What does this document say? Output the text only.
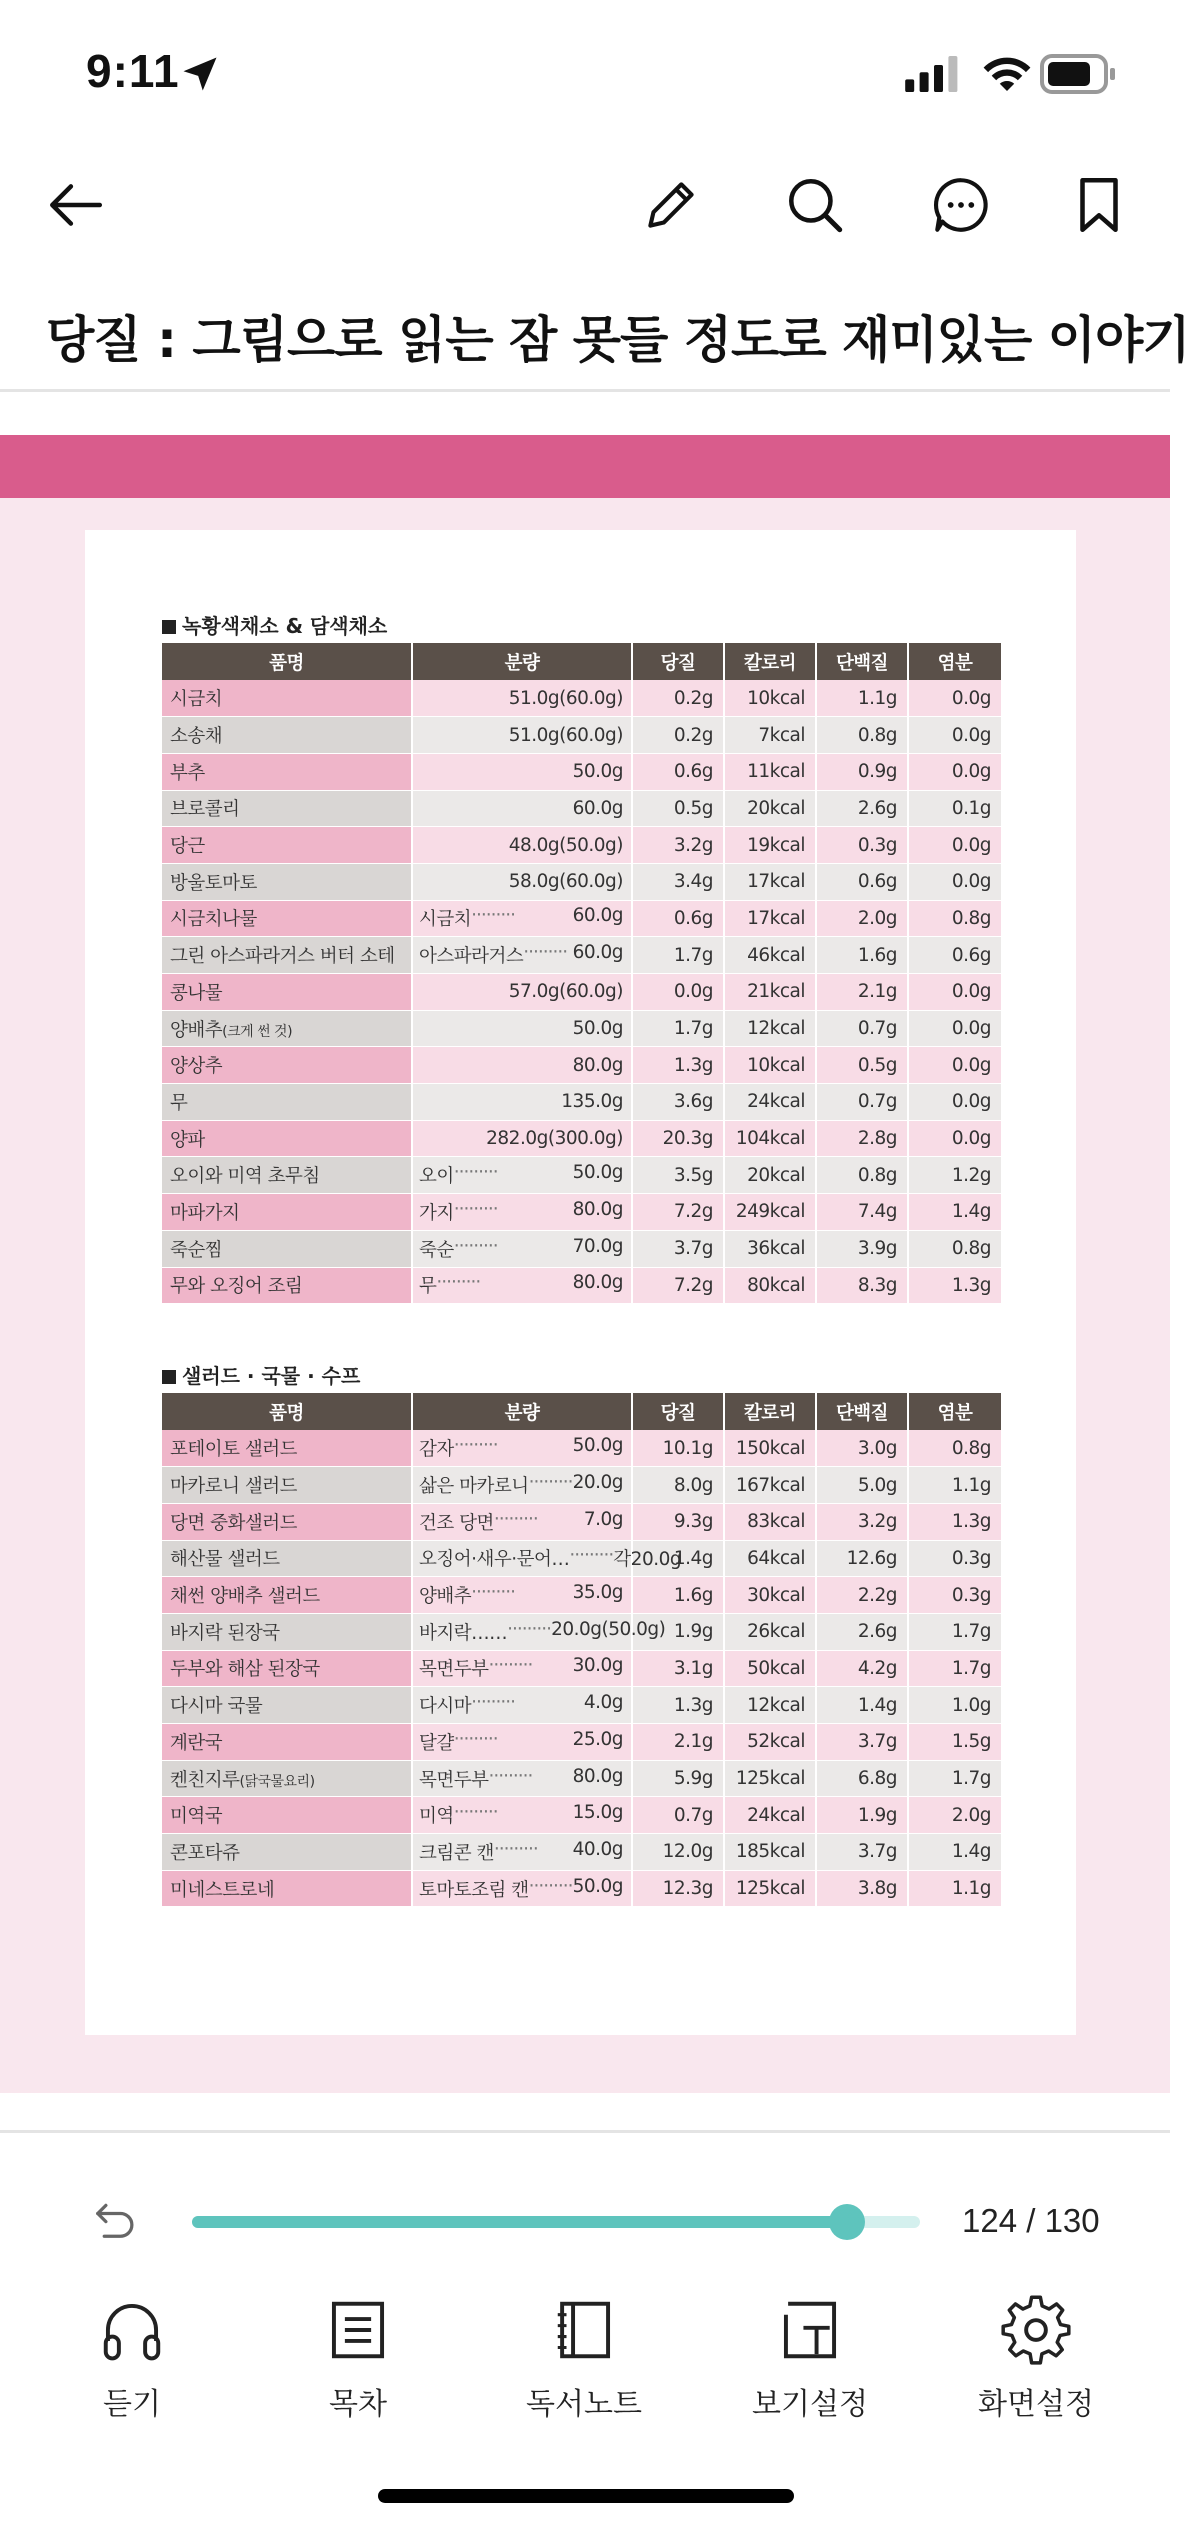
9:11
당질 : 그림으로 읽는 잠 못들 정도로 재미있는 이야기
녹황색채소 & 담색채소
품명	분량	당질	칼로리	단백질	염분
시금치	51.0g(60.0g)	0.2g	10kcal	1.1g	0.0g
소송채	51.0g(60.0g)	0.2g	7kcal	0.8g	0.0g
부추	50.0g	0.6g	11kcal	0.9g	0.0g
브로콜리	60.0g	0.5g	20kcal	2.6g	0.1g
당근	48.0g(50.0g)	3.2g	19kcal	0.3g	0.0g
방울토마토	58.0g(60.0g)	3.4g	17kcal	0.6g	0.0g
시금치나물	시금치 ········· 60.0g	0.6g	17kcal	2.0g	0.8g
그린 아스파라거스 버터 소테	아스파라거스 ········· 60.0g	1.7g	46kcal	1.6g	0.6g
콩나물	57.0g(60.0g)	0.0g	21kcal	2.1g	0.0g
양배추(크게 썬 것)	50.0g	1.7g	12kcal	0.7g	0.0g
양상추	80.0g	1.3g	10kcal	0.5g	0.0g
무	135.0g	3.6g	24kcal	0.7g	0.0g
양파	282.0g(300.0g)	20.3g	104kcal	2.8g	0.0g
오이와 미역 초무침	오이 ········· 50.0g	3.5g	20kcal	0.8g	1.2g
마파가지	가지 ········· 80.0g	7.2g	249kcal	7.4g	1.4g
죽순찜	죽순 ········· 70.0g	3.7g	36kcal	3.9g	0.8g
무와 오징어 조림	무 ········· 80.0g	7.2g	80kcal	8.3g	1.3g
샐러드 · 국물 · 수프
품명	분량	당질	칼로리	단백질	염분
포테이토 샐러드	감자 ········· 50.0g	10.1g	150kcal	3.0g	0.8g
마카로니 샐러드	삶은 마카로니 ········· 20.0g	8.0g	167kcal	5.0g	1.1g
당면 중화샐러드	건조 당면 ········· 7.0g	9.3g	83kcal	3.2g	1.3g
해산물 샐러드	오징어·새우·문어… ········· 각20.0g	1.4g	64kcal	12.6g	0.3g
채썬 양배추 샐러드	양배추 ········· 35.0g	1.6g	30kcal	2.2g	0.3g
바지락 된장국	바지락…… ········· 20.0g(50.0g)	1.9g	26kcal	2.6g	1.7g
두부와 해삼 된장국	목면두부 ········· 30.0g	3.1g	50kcal	4.2g	1.7g
다시마 국물	다시마 ········· 4.0g	1.3g	12kcal	1.4g	1.0g
계란국	달걀 ········· 25.0g	2.1g	52kcal	3.7g	1.5g
켄친지루(닭국물요리)	목면두부 ········· 80.0g	5.9g	125kcal	6.8g	1.7g
미역국	미역 ········· 15.0g	0.7g	24kcal	1.9g	2.0g
콘포타쥬	크림콘 캔 ········· 40.0g	12.0g	185kcal	3.7g	1.4g
미네스트로네	토마토조림 캔 ········· 50.0g	12.3g	125kcal	3.8g	1.1g
124 / 130
듣기	목차	독서노트	보기설정	화면설정
